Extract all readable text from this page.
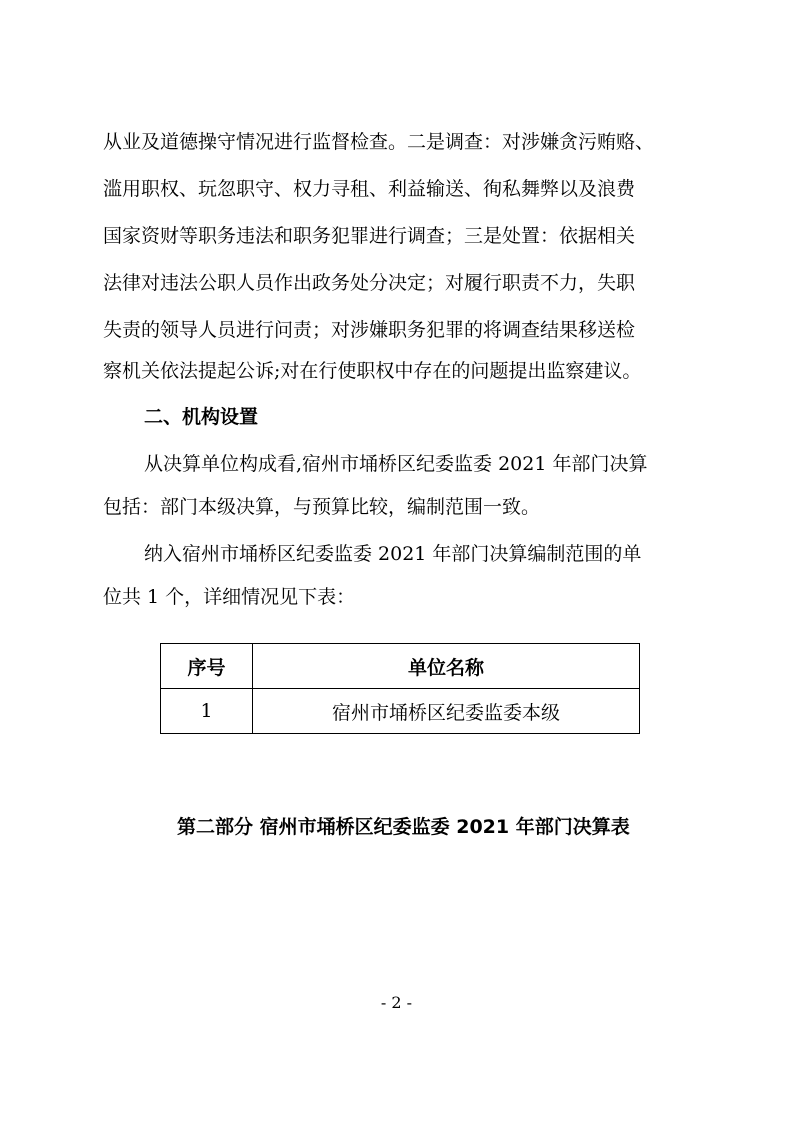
从业及道德操守情况进行监督检查。二是调查：对涉嫌贪污贿赂、
滥用职权、玩忽职守、权力寻租、利益输送、徇私舞弊以及浪费
国家资财等职务违法和职务犯罪进行调查；三是处置：依据相关
法律对违法公职人员作出政务处分决定；对履行职责不力，失职
失责的领导人员进行问责；对涉嫌职务犯罪的将调查结果移送检
察机关依法提起公诉;对在行使职权中存在的问题提出监察建议。
二、机构设置
从决算单位构成看,宿州市埇桥区纪委监委 2021 年部门决算
包括：部门本级决算，与预算比较，编制范围一致。
纳入宿州市埇桥区纪委监委 2021 年部门决算编制范围的单
位共 1 个，详细情况见下表：
序号	单位名称
1	宿州市埇桥区纪委监委本级
第二部分 宿州市埇桥区纪委监委 2021 年部门决算表
- 2 -
